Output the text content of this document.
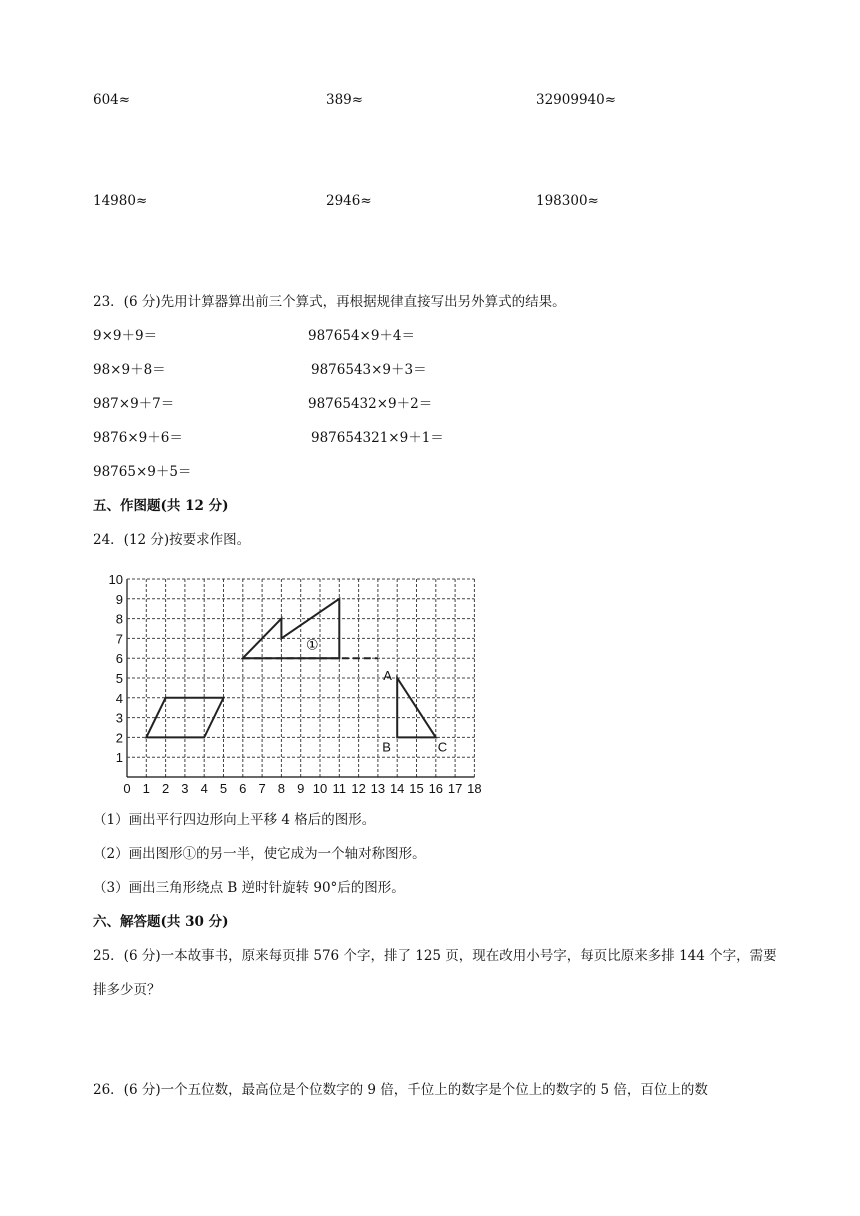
604≈	389≈	32909940≈
14980≈	2946≈	198300≈
23．(6 分)先用计算器算出前三个算式，再根据规律直接写出另外算式的结果。
9×9＋9＝
98×9＋8＝
987×9＋7＝
9876×9＋6＝
98765×9＋5＝
987654×9＋4＝
9876543×9＋3＝
98765432×9＋2＝
987654321×9＋1＝
五、作图题(共 12 分)
24．(12 分)按要求作图。
0 1 2 3 4 5 6 7 8 9 10 11 12 13 14 15 16 17 18
1
2
3
4
5
6
7
8
9
10
①
A
B	C
（1）画出平行四边形向上平移 4 格后的图形。
（2）画出图形①的另一半，使它成为一个轴对称图形。
（3）画出三角形绕点 B 逆时针旋转 90°后的图形。
六、解答题(共 30 分)
25．(6 分)一本故事书，原来每页排 576 个字，排了 125 页，现在改用小号字，每页比原来多排 144 个字，需要排多少页？
26．(6 分)一个五位数，最高位是个位数字的 9 倍，千位上的数字是个位上的数字的 5 倍，百位上的数
